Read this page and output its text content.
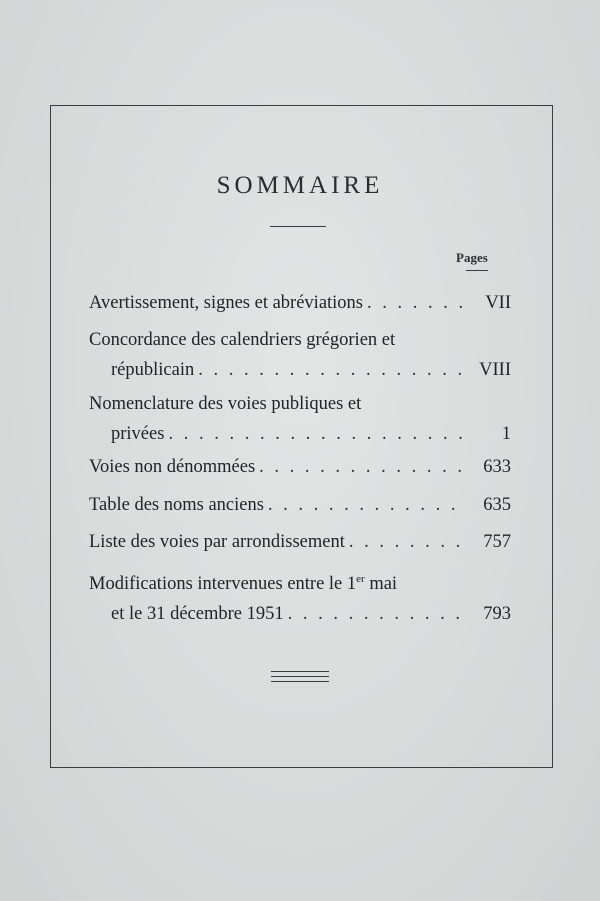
SOMMAIRE
Pages
Avertissement, signes et abréviations . . .	VII
Concordance des calendriers grégorien et
républicain . . .	VIII
Nomenclature des voies publiques et
privées . . .	1
Voies non dénommées . . .	633
Table des noms anciens . . .	635
Liste des voies par arrondissement . . .	757
Modifications intervenues entre le 1er mai
et le 31 décembre 1951 . . .	793
